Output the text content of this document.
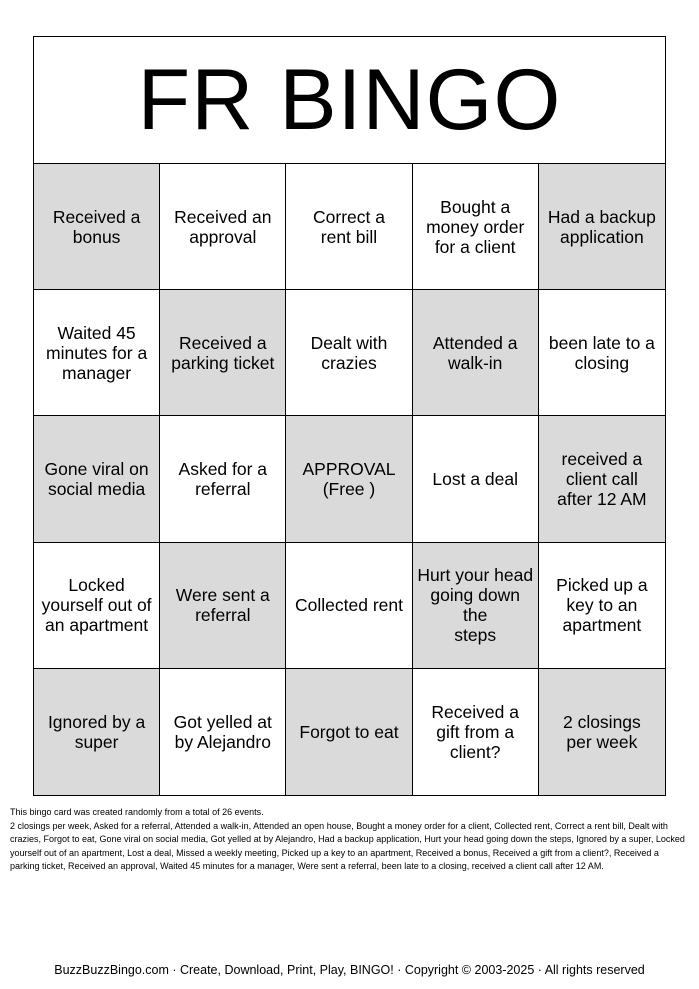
FR BINGO
Received a
bonus
Received an
approval
Correct a
rent bill
Bought a
money order
for a client
Had a backup
application
Waited 45
minutes for a
manager
Received a
parking ticket
Dealt with
crazies
Attended a
walk-in
been late to a
closing
Gone viral on
social media
Asked for a
referral
APPROVAL
(Free )	Lost a deal
received a
client call
after 12 AM
Locked
yourself out of
an apartment
Were sent a
referral	Collected rent
Hurt your head
going down the
steps
Picked up a
key to an
apartment
Ignored by a
super
Got yelled at
by Alejandro Forgot to eat
Received a
gift from a
client?
2 closings
per week

This bingo card was created randomly from a total of 26 events.

2 closings per week, Asked for a referral, Attended a walk-in, Attended an open house, Bought a money order for a client, Collected rent, Correct a rent bill, Dealt with crazies, Forgot to eat, Gone viral on social media, Got yelled at by Alejandro, Had a backup application, Hurt your head going down the steps, Ignored by a super, Locked yourself out of an apartment, Lost a deal, Missed a weekly meeting, Picked up a key to an apartment, Received a bonus, Received a gift from a client?, Received a parking ticket, Received an approval, Waited 45 minutes for a manager, Were sent a referral, been late to a closing, received a client call after 12 AM.

BuzzBuzzBingo.com · Create, Download, Print, Play, BINGO! · Copyright © 2003-2025 · All rights reserved
